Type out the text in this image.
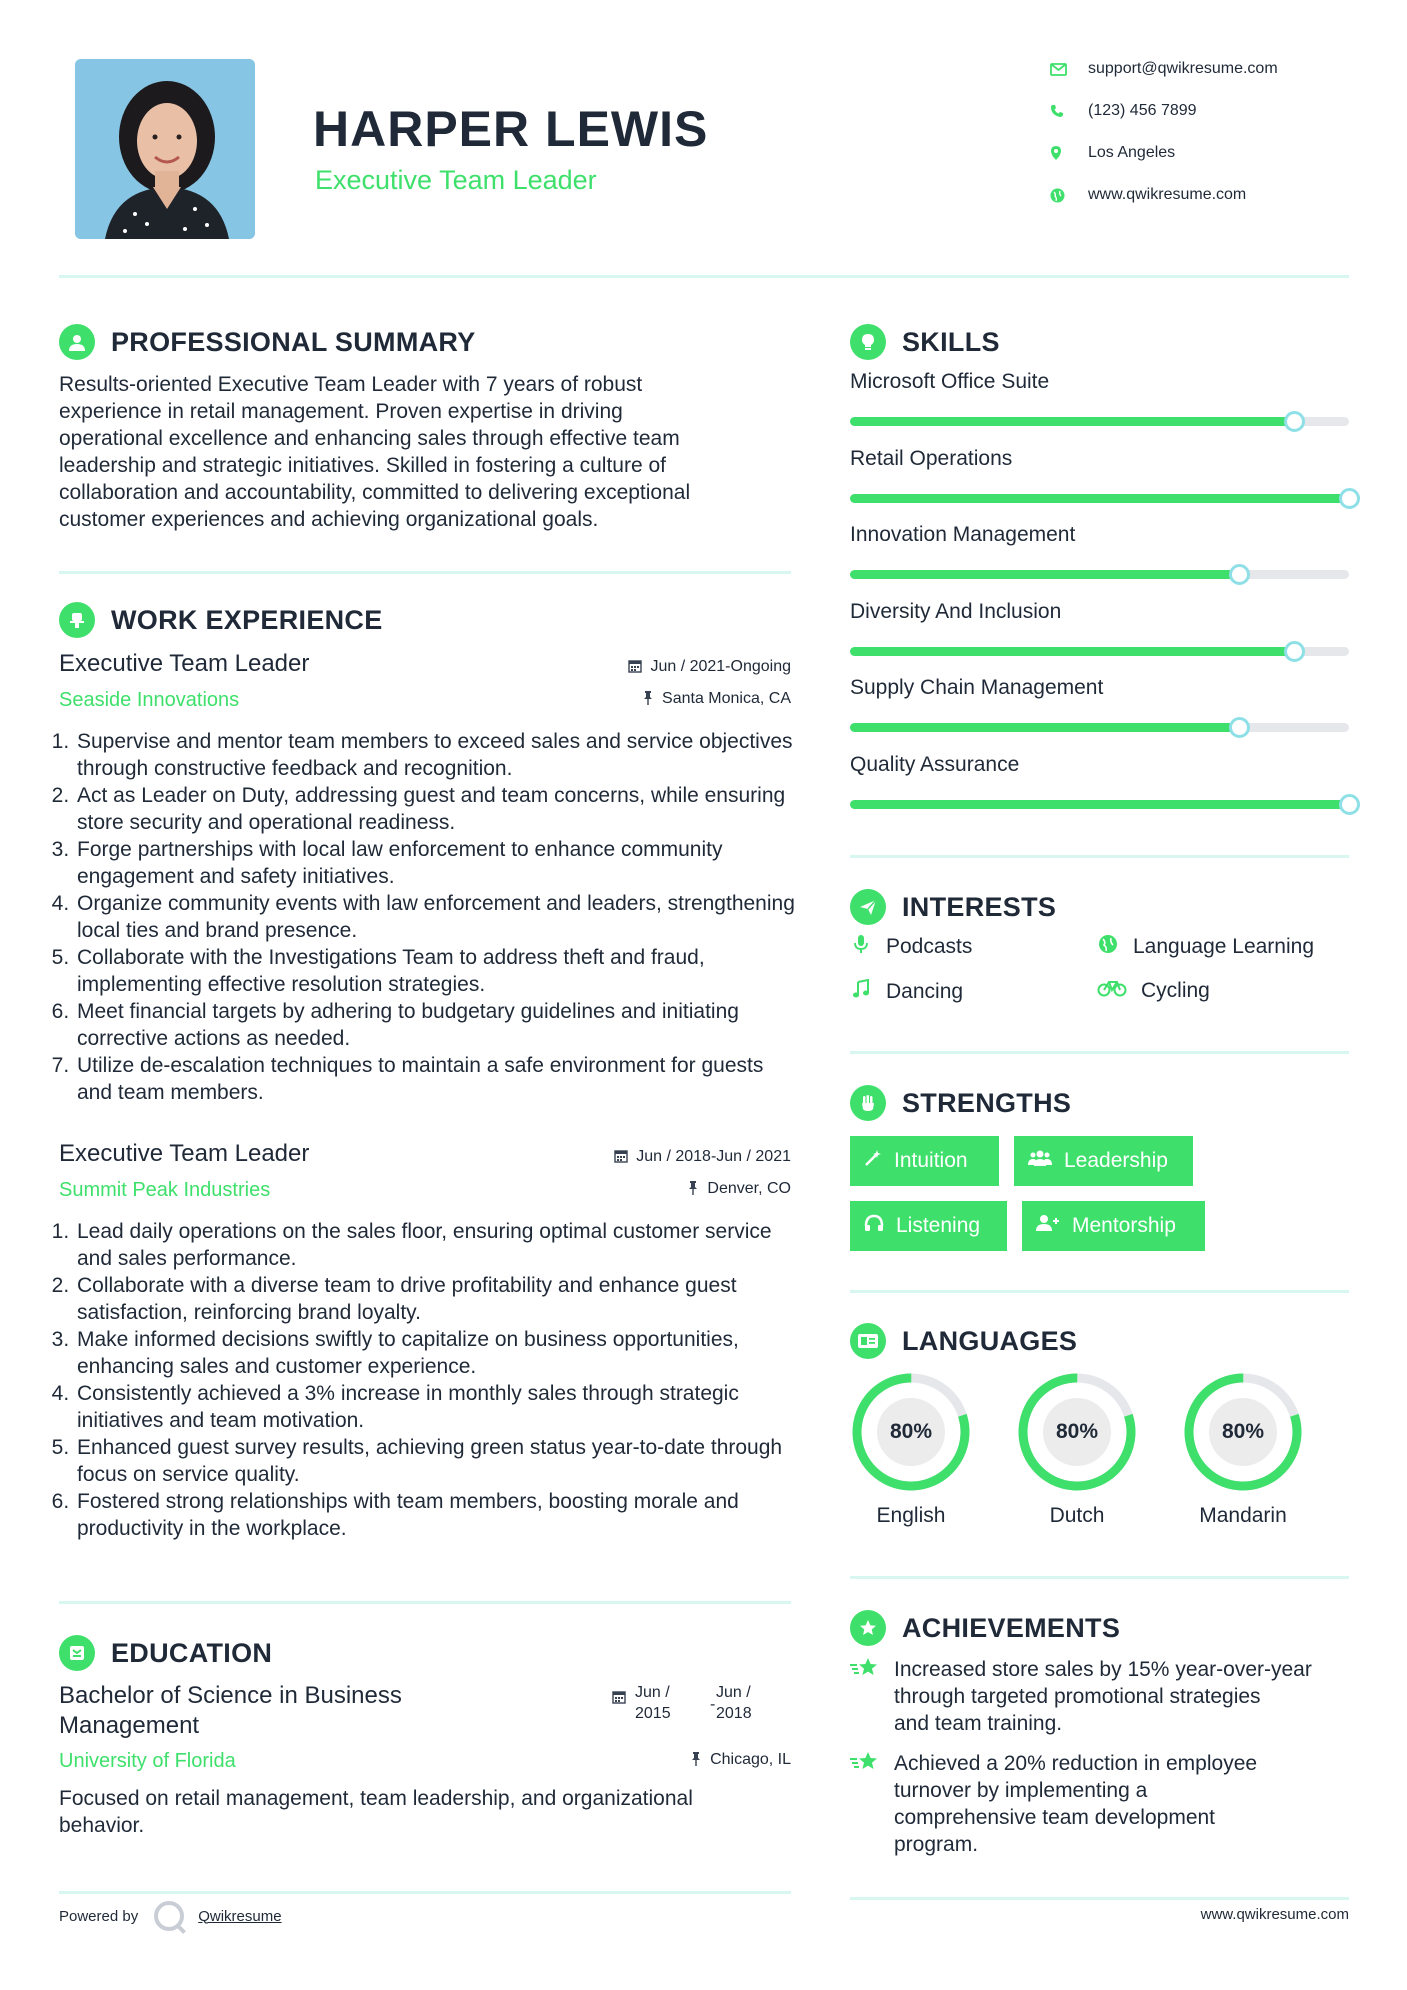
HARPER LEWIS
Executive Team Leader
support@qwikresume.com
(123) 456 7899
Los Angeles
www.qwikresume.com
PROFESSIONAL SUMMARY
Results-oriented Executive Team Leader with 7 years of robust
experience in retail management. Proven expertise in driving
operational excellence and enhancing sales through effective team
leadership and strategic initiatives. Skilled in fostering a culture of
collaboration and accountability, committed to delivering exceptional
customer experiences and achieving organizational goals.
WORK EXPERIENCE
Executive Team Leader
Seaside Innovations
Jun / 2021-Ongoing
Santa Monica, CA
1. Supervise and mentor team members to exceed sales and service objectives through constructive feedback and recognition.
2. Act as Leader on Duty, addressing guest and team concerns, while ensuring store security and operational readiness.
3. Forge partnerships with local law enforcement to enhance community engagement and safety initiatives.
4. Organize community events with law enforcement and leaders, strengthening local ties and brand presence.
5. Collaborate with the Investigations Team to address theft and fraud, implementing effective resolution strategies.
6. Meet financial targets by adhering to budgetary guidelines and initiating corrective actions as needed.
7. Utilize de-escalation techniques to maintain a safe environment for guests and team members.
Executive Team Leader
Summit Peak Industries
Jun / 2018-Jun / 2021
Denver, CO
1. Lead daily operations on the sales floor, ensuring optimal customer service and sales performance.
2. Collaborate with a diverse team to drive profitability and enhance guest satisfaction, reinforcing brand loyalty.
3. Make informed decisions swiftly to capitalize on business opportunities, enhancing sales and customer experience.
4. Consistently achieved a 3% increase in monthly sales through strategic initiatives and team motivation.
5. Enhanced guest survey results, achieving green status year-to-date through focus on service quality.
6. Fostered strong relationships with team members, boosting morale and productivity in the workplace.
EDUCATION
Bachelor of Science in Business
Management
University of Florida
Jun /
2015
-
Jun /
2018
Chicago, IL
Focused on retail management, team leadership, and organizational
behavior.
Powered by	Qwikresume
SKILLS
Microsoft Office Suite
Retail Operations
Innovation Management
Diversity And Inclusion
Supply Chain Management
Quality Assurance
INTERESTS
Podcasts	Language Learning
Dancing	Cycling
STRENGTHS
Intuition	Leadership
Listening	Mentorship
LANGUAGES
80%
English
80%
Dutch
80%
Mandarin
ACHIEVEMENTS
Increased store sales by 15% year-over-year
through targeted promotional strategies
and team training.
Achieved a 20% reduction in employee
turnover by implementing a
comprehensive team development
program.
www.qwikresume.com
